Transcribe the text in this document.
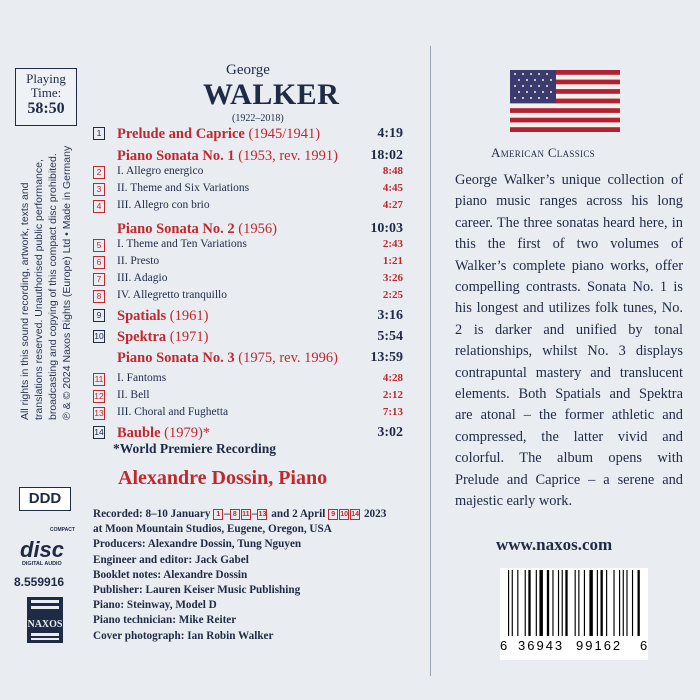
Playing Time:
58:50
All rights in this sound recording, artwork, texts and translations reserved. Unauthorised public performance, broadcasting and copying of this compact disc prohibited. ℗ & © 2024 Naxos Rights (Europe) Ltd • Made in Germany
DDD
COMPACT
disc
DIGITAL AUDIO
8.559916
NAXOS
George
WALKER
(1922–2018)
1 Prelude and Caprice (1945/1941)	4:19
Piano Sonata No. 1 (1953, rev. 1991) 18:02
2	I. Allegro energico	8:48
3	II. Theme and Six Variations	4:45
4	III. Allegro con brio	4:27
Piano Sonata No. 2 (1956)	10:03
5	I. Theme and Ten Variations	2:43
6	II. Presto	1:21
7	III. Adagio	3:26
8	IV. Allegretto tranquillo	2:25
9 Spatials (1961)	3:16
10 Spektra (1971)	5:54
Piano Sonata No. 3 (1975, rev. 1996) 13:59
11 I. Fantoms	4:28
12 II. Bell	2:12
13 III. Choral and Fughetta	7:13
14 Bauble (1979)*	3:02
*World Premiere Recording
Alexandre Dossin, Piano
Recorded: 8–10 January 1 – 8 11 –13 and 2 April 9 10 14 2023
at Moon Mountain Studios, Eugene, Oregon, USA
Producers: Alexandre Dossin, Tung Nguyen
Engineer and editor: Jack Gabel
Booklet notes: Alexandre Dossin
Publisher: Lauren Keiser Music Publishing
Piano: Steinway, Model D
Piano technician: Mike Reiter
Cover photograph: Ian Robin Walker
American Classics
George Walker’s unique collection of piano music ranges across his long career. The three sonatas heard here, in this the first of two volumes of Walker’s complete piano works, offer compelling contrasts. Sonata No. 1 is his longest and utilizes folk tunes, No. 2 is darker and unified by tonal relationships, whilst No. 3 displays contrapuntal mastery and translucent elements. Both Spatials and Spektra are atonal – the former athletic and compressed, the latter vivid and colorful. The album opens with Prelude and Caprice – a serene and majestic early work.
www.naxos.com
6 36943 99162 6
